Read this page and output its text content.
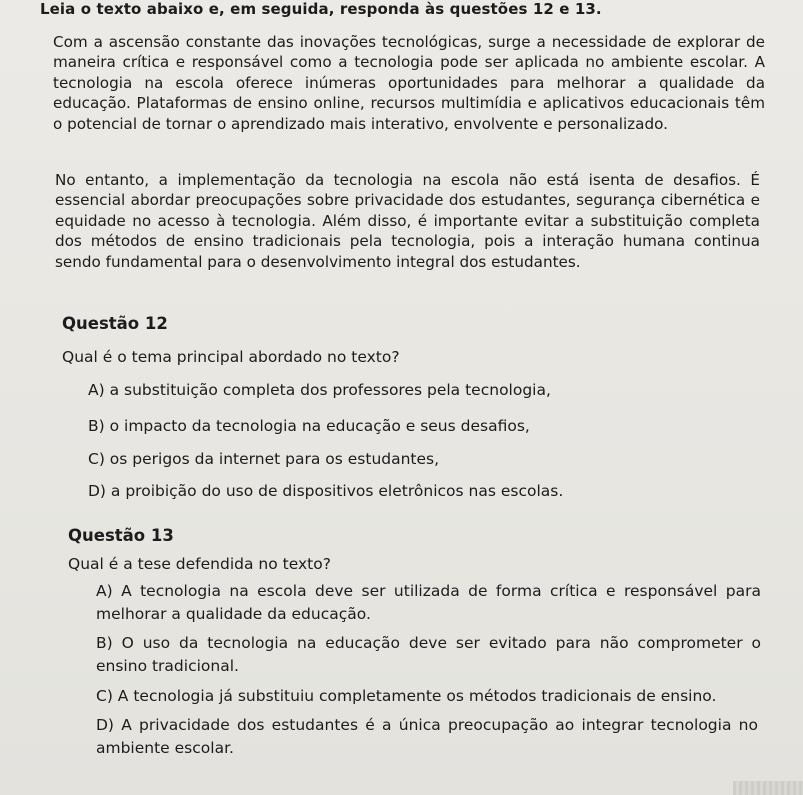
Leia o texto abaixo e, em seguida, responda às questões 12 e 13.

Com a ascensão constante das inovações tecnológicas, surge a necessidade de explorar de maneira crítica e responsável como a tecnologia pode ser aplicada no ambiente escolar. A tecnologia na escola oferece inúmeras oportunidades para melhorar a qualidade da educação. Plataformas de ensino online, recursos multimídia e aplicativos educacionais têm o potencial de tornar o aprendizado mais interativo, envolvente e personalizado.

No entanto, a implementação da tecnologia na escola não está isenta de desafios. É essencial abordar preocupações sobre privacidade dos estudantes, segurança cibernética e equidade no acesso à tecnologia. Além disso, é importante evitar a substituição completa dos métodos de ensino tradicionais pela tecnologia, pois a interação humana continua sendo fundamental para o desenvolvimento integral dos estudantes.

Questão 12
Qual é o tema principal abordado no texto?
A) a substituição completa dos professores pela tecnologia,
B) o impacto da tecnologia na educação e seus desafios,
C) os perigos da internet para os estudantes,
D) a proibição do uso de dispositivos eletrônicos nas escolas.
Questão 13
Qual é a tese defendida no texto?
A) A tecnologia na escola deve ser utilizada de forma crítica e responsável para melhorar a qualidade da educação.
B) O uso da tecnologia na educação deve ser evitado para não comprometer o ensino tradicional.
C) A tecnologia já substituiu completamente os métodos tradicionais de ensino.
D) A privacidade dos estudantes é a única preocupação ao integrar tecnologia no ambiente escolar.
